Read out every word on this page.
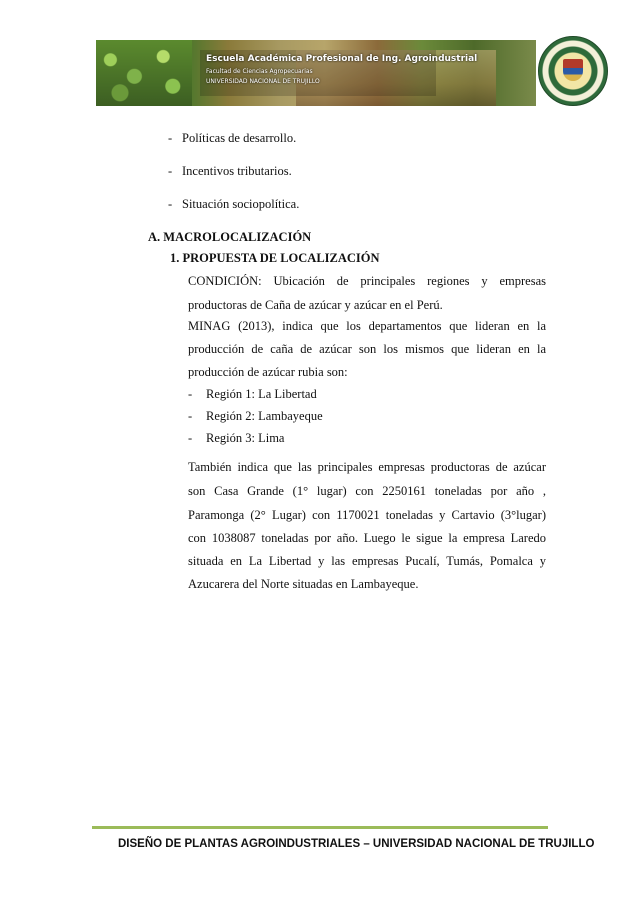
Escuela Académica Profesional de Ing. Agroindustrial
Facultad de Ciencias Agropecuarias
UNIVERSIDAD NACIONAL DE TRUJILLO
- Políticas de desarrollo.
- Incentivos tributarios.
- Situación sociopolítica.
A. MACROLOCALIZACIÓN
1. PROPUESTA DE LOCALIZACIÓN
CONDICIÓN: Ubicación de principales regiones y empresas
productoras de Caña de azúcar y azúcar en el Perú.
MINAG (2013), indica que los departamentos que lideran en la
producción de caña de azúcar son los mismos que lideran en la
producción de azúcar rubia son:
- Región 1: La Libertad
- Región 2: Lambayeque
- Región 3: Lima
También indica que las principales empresas productoras de azúcar
son Casa Grande (1° lugar) con 2250161 toneladas por año ,
Paramonga (2° Lugar) con 1170021 toneladas y Cartavio (3°lugar)
con 1038087 toneladas por año. Luego le sigue la empresa Laredo
situada en La Libertad y las empresas Pucalí, Tumás, Pomalca y
Azucarera del Norte situadas en Lambayeque.
DISEÑO DE PLANTAS AGROINDUSTRIALES – UNIVERSIDAD NACIONAL DE TRUJILLO
